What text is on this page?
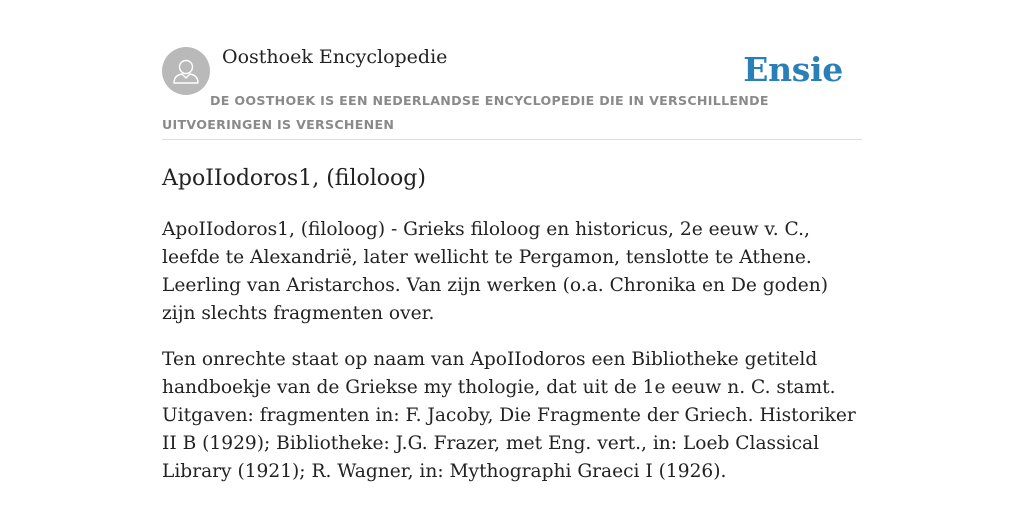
Oosthoek Encyclopedie	Ensie
DE OOSTHOEK IS EEN NEDERLANDSE ENCYCLOPEDIE DIE IN VERSCHILLENDE UITVOERINGEN IS VERSCHENEN
ApoIIodoros1, (filoloog)

ApoIIodoros1, (filoloog) - Grieks filoloog en historicus, 2e eeuw v. C., leefde te Alexandrië, later wellicht te Pergamon, tenslotte te Athene. Leerling van Aristarchos. Van zijn werken (o.a. Chronika en De goden) zijn slechts fragmenten over.

Ten onrechte staat op naam van ApoIIodoros een Bibliotheke getiteld handboekje van de Griekse my thologie, dat uit de 1e eeuw n. C. stamt. Uitgaven: fragmenten in: F. Jacoby, Die Fragmente der Griech. Historiker II B (1929); Bibliotheke: J.G. Frazer, met Eng. vert., in: Loeb Classical Library (1921); R. Wagner, in: Mythographi Graeci I (1926).
